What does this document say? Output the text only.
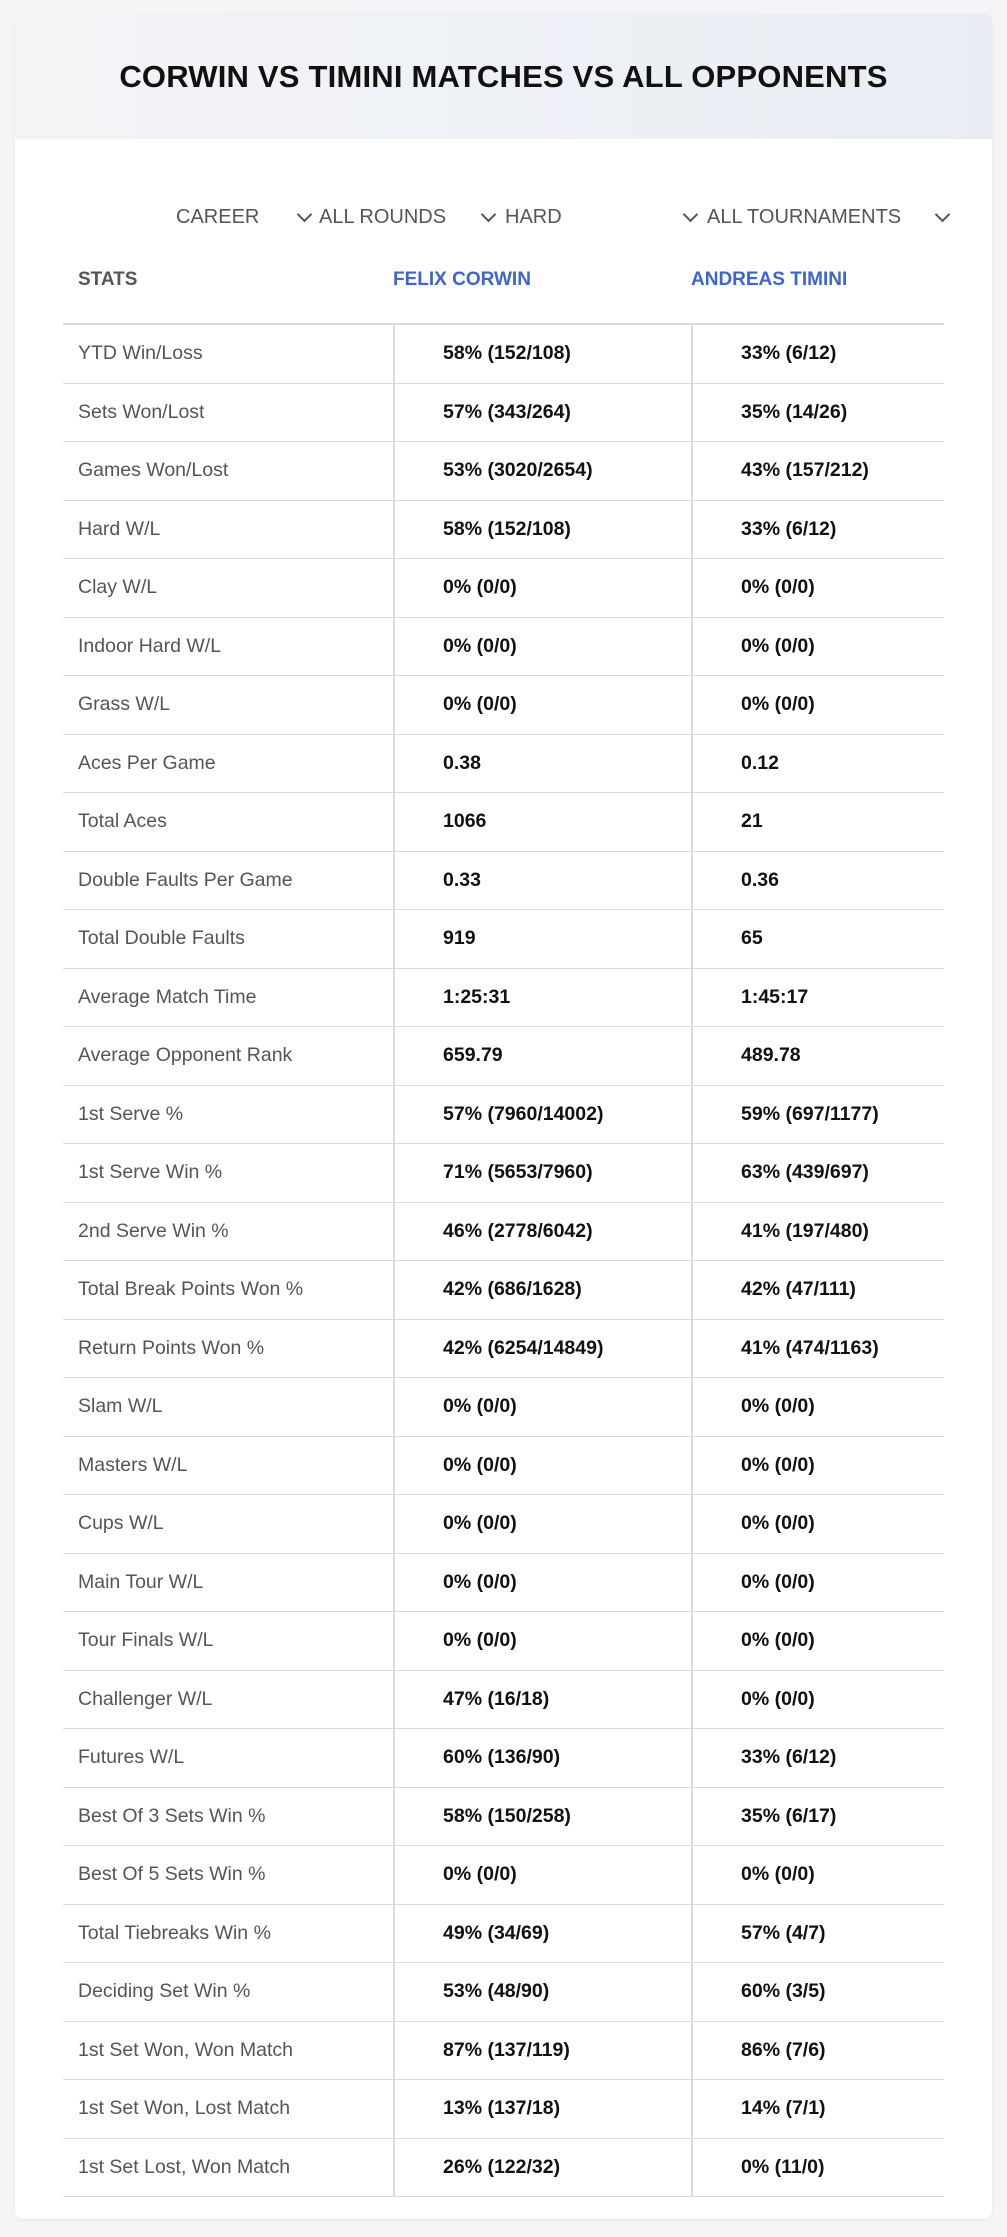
CORWIN VS TIMINI MATCHES VS ALL OPPONENTS
CAREER	ALL ROUNDS	HARD	ALL TOURNAMENTS
STATS	FELIX CORWIN	ANDREAS TIMINI
YTD Win/Loss	58% (152/108)	33% (6/12)
Sets Won/Lost	57% (343/264)	35% (14/26)
Games Won/Lost	53% (3020/2654)	43% (157/212)
Hard W/L	58% (152/108)	33% (6/12)
Clay W/L	0% (0/0)	0% (0/0)
Indoor Hard W/L	0% (0/0)	0% (0/0)
Grass W/L	0% (0/0)	0% (0/0)
Aces Per Game	0.38	0.12
Total Aces	1066	21
Double Faults Per Game	0.33	0.36
Total Double Faults	919	65
Average Match Time	1:25:31	1:45:17
Average Opponent Rank	659.79	489.78
1st Serve %	57% (7960/14002)	59% (697/1177)
1st Serve Win %	71% (5653/7960)	63% (439/697)
2nd Serve Win %	46% (2778/6042)	41% (197/480)
Total Break Points Won %	42% (686/1628)	42% (47/111)
Return Points Won %	42% (6254/14849)	41% (474/1163)
Slam W/L	0% (0/0)	0% (0/0)
Masters W/L	0% (0/0)	0% (0/0)
Cups W/L	0% (0/0)	0% (0/0)
Main Tour W/L	0% (0/0)	0% (0/0)
Tour Finals W/L	0% (0/0)	0% (0/0)
Challenger W/L	47% (16/18)	0% (0/0)
Futures W/L	60% (136/90)	33% (6/12)
Best Of 3 Sets Win %	58% (150/258)	35% (6/17)
Best Of 5 Sets Win %	0% (0/0)	0% (0/0)
Total Tiebreaks Win %	49% (34/69)	57% (4/7)
Deciding Set Win %	53% (48/90)	60% (3/5)
1st Set Won, Won Match	87% (137/119)	86% (7/6)
1st Set Won, Lost Match	13% (137/18)	14% (7/1)
1st Set Lost, Won Match	26% (122/32)	0% (11/0)
